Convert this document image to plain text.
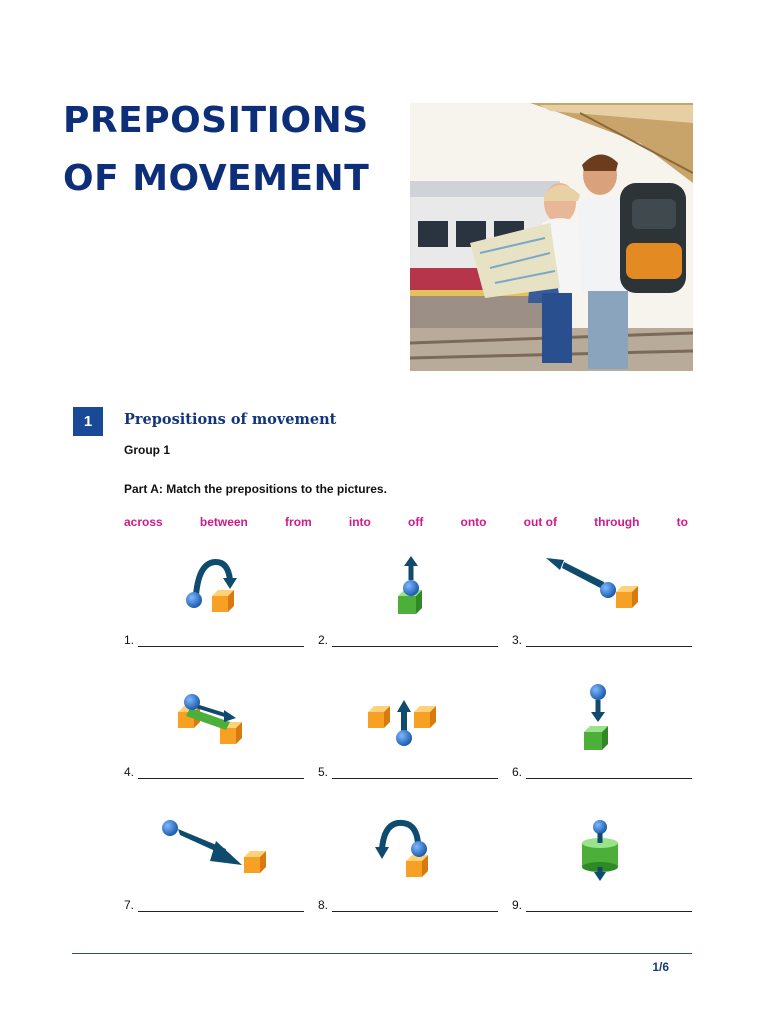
PREPOSITIONS
OF MOVEMENT
1	Prepositions of movement
Group 1
Part A: Match the prepositions to the pictures.
across	between	from	into	off	onto	out of	through	to
1.	2.	3.
4.	5.	6.
7.	8.	9.
1/6
